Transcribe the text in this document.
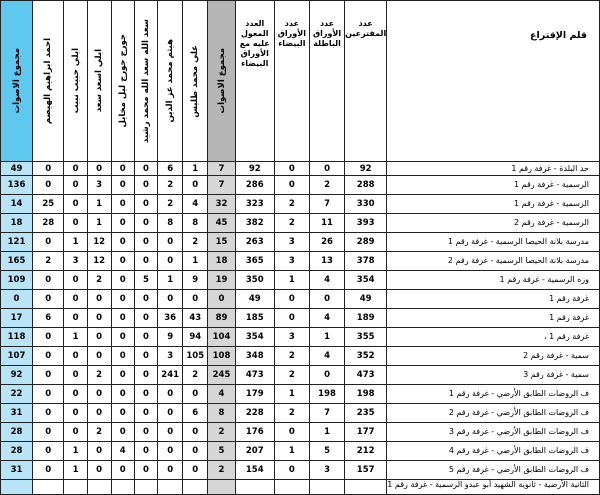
مجموع الاصوات	احمد ابراهيم الهيصم	ايلي حبيب نبيب	ايلي اسعد سعد	جورج جورج ليل مخايل	سعد الله سعد الله محمد رشيد	هيثم محمد عز الدين	علي محمد طليس	مجموع الاصوات	العدد المعول عليه مع الأوراق البيضاء	عدد الأوراق البيضاء	عدد الأوراق الباطلة	عدد المقترعين	قلم الإقتراع
49	0	0	0	0	0	6	1	7	92	0	0	92	حد البلدة - غرفة رقم 1
136	0	0	3	0	0	2	0	7	286	0	2	288	الرسمية - غرفة رقم 1
14	25	0	1	0	0	2	4	32	323	2	7	330	الرسمية - غرفة رقم 1
18	28	0	1	0	0	8	8	45	382	2	11	393	الرسمية - غرفة رقم 2
121	0	1	12	0	0	0	2	15	263	3	26	289	مدرسة بلانة الحيصا الرسمية - غرفة رقم 1
165	2	3	12	0	0	0	1	18	365	3	13	378	مدرسة بلانة الحيصا الرسمية - غرفة رقم 2
109	0	0	2	0	5	1	9	19	350	1	4	354	وزه الرسمية - غرفة رقم 1
0	0	0	0	0	0	0	0	0	49	0	0	49	غرفة رقم 1
17	6	0	0	0	0	36	43	89	185	0	4	189	غرفة رقم 1
118	0	1	0	0	0	9	94	104	354	3	1	355	، غرفة رقم 1
107	0	0	0	0	0	3	105	108	348	2	4	352	سمية - غرفة رقم 2
92	0	0	2	0	0	241	2	245	473	2	0	473	سمية - غرفة رقم 3
22	0	0	0	0	0	0	0	4	179	1	198	198	ف الروضات الطابق الأرضي - غرفة رقم 1
31	0	0	0	0	0	0	6	8	228	2	7	235	ف الروضات الطابق الأرضي - غرفة رقم 2
28	0	0	2	0	0	0	0	2	176	0	1	177	ف الروضات الطابق الأرضي - غرفة رقم 3
28	0	1	0	4	0	0	0	5	207	1	5	212	ف الروضات الطابق الأرضي - غرفة رقم 4
31	0	1	0	0	0	0	0	2	154	0	3	157	ف الروضات الطابق الأرضي - غرفة رقم 5
													الثانية الأرضية - ثانوية الشهيد أبو عبدو الرسمية - غرفة رقم 1
